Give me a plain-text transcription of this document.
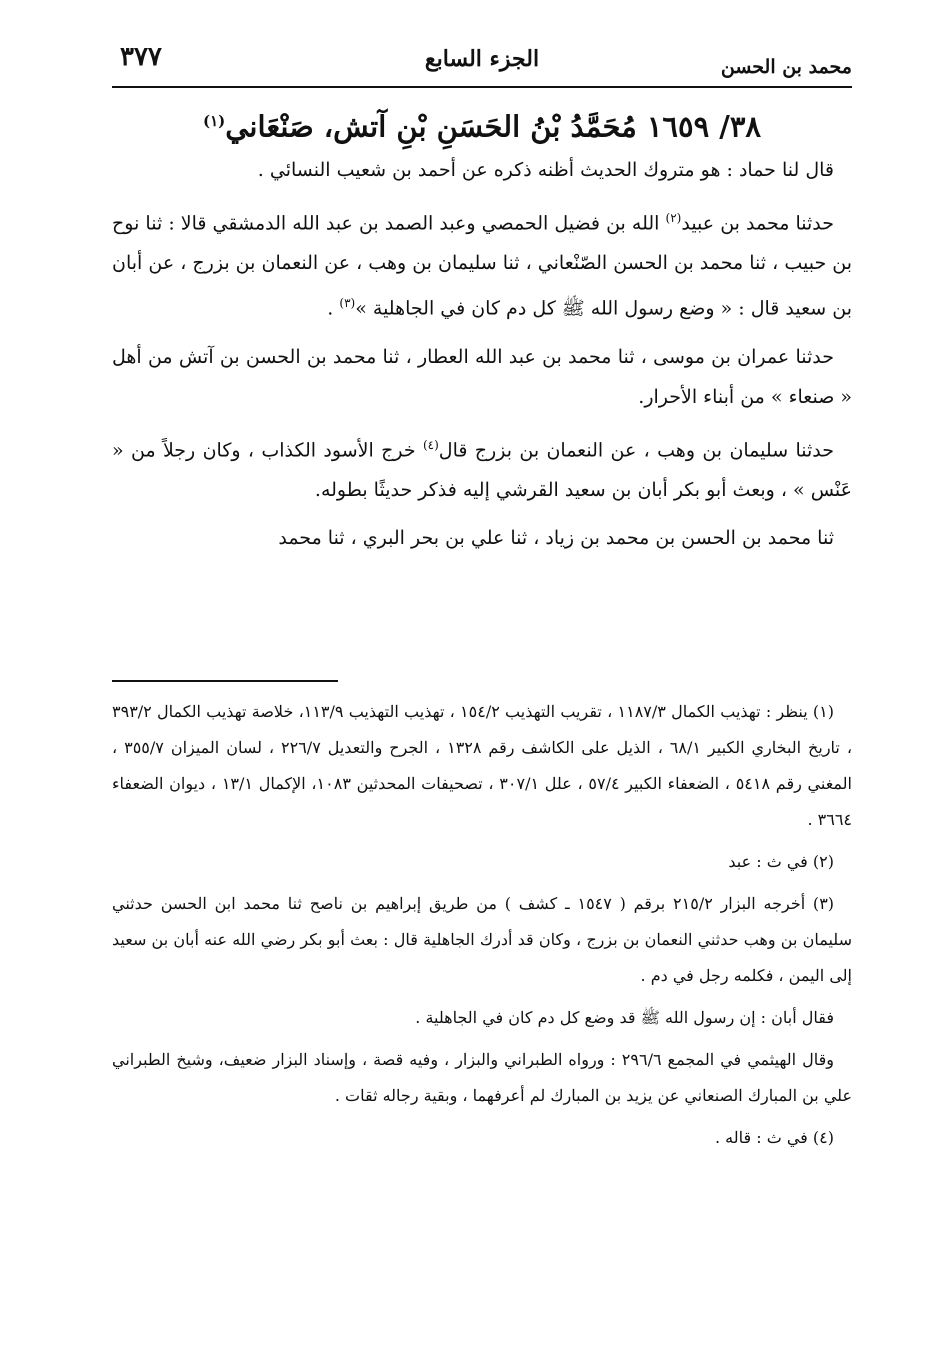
محمد بن الحسن
الجزء السابع
٣٧٧
٣٨/ ١٦٥٩ مُحَمَّدُ بْنُ الحَسَنِ بْنِ آتش، صَنْعَاني$^{(١)}$

قال لنا حماد : هو متروك الحديث أظنه ذكره عن أحمد بن شعيب النسائي .

حدثنا محمد بن عبيد$^{(٢)}$ الله بن فضيل الحمصي وعبد الصمد بن عبد الله الدمشقي قالا : ثنا نوح بن حبيب ، ثنا محمد بن الحسن الصّنْعاني ، ثنا سليمان بن وهب ، عن النعمان بن بزرج ، عن أبان بن سعيد قال : « وضع رسول الله ﷺ كل دم كان في الجاهلية »$^{(٣)}$ .

حدثنا عمران بن موسى ، ثنا محمد بن عبد الله العطار ، ثنا محمد بن الحسن بن آتش من أهل « صنعاء » من أبناء الأحرار.

حدثنا سليمان بن وهب ، عن النعمان بن بزرج قال$^{(٤)}$ خرج الأسود الكذاب ، وكان رجلاً من « عَنْس » ، وبعث أبو بكر أبان بن سعيد القرشي إليه فذكر حديثًا بطوله.

ثنا محمد بن الحسن بن محمد بن زياد ، ثنا علي بن بحر البري ، ثنا محمد

(١) ينظر : تهذيب الكمال ١١٨٧/٣ ، تقريب التهذيب ١٥٤/٢ ، تهذيب التهذيب ١١٣/٩، خلاصة تهذيب الكمال ٣٩٣/٢ ، تاريخ البخاري الكبير ٦٨/١ ، الذيل على الكاشف رقم ١٣٢٨ ، الجرح والتعديل ٢٢٦/٧ ، لسان الميزان ٣٥٥/٧ ، المغني رقم ٥٤١٨ ، الضعفاء الكبير ٥٧/٤ ، علل ٣٠٧/١ ، تصحيفات المحدثين ١٠٨٣، الإكمال ١٣/١ ، ديوان الضعفاء ٣٦٦٤ .

(٢) في ث : عبد

(٣) أخرجه البزار ٢١٥/٢ برقم ( ١٥٤٧ ـ كشف ) من طريق إبراهيم بن ناصح ثنا محمد ابن الحسن حدثني سليمان بن وهب حدثني النعمان بن بزرج ، وكان قد أدرك الجاهلية قال : بعث أبو بكر رضي الله عنه أبان بن سعيد إلى اليمن ، فكلمه رجل في دم .

فقال أبان : إن رسول الله ﷺ قد وضع كل دم كان في الجاهلية .

وقال الهيثمي في المجمع ٢٩٦/٦ : ورواه الطبراني والبزار ، وفيه قصة ، وإسناد البزار ضعيف، وشيخ الطبراني علي بن المبارك الصنعاني عن يزيد بن المبارك لم أعرفهما ، وبقية رجاله ثقات .

(٤) في ث : قاله .
